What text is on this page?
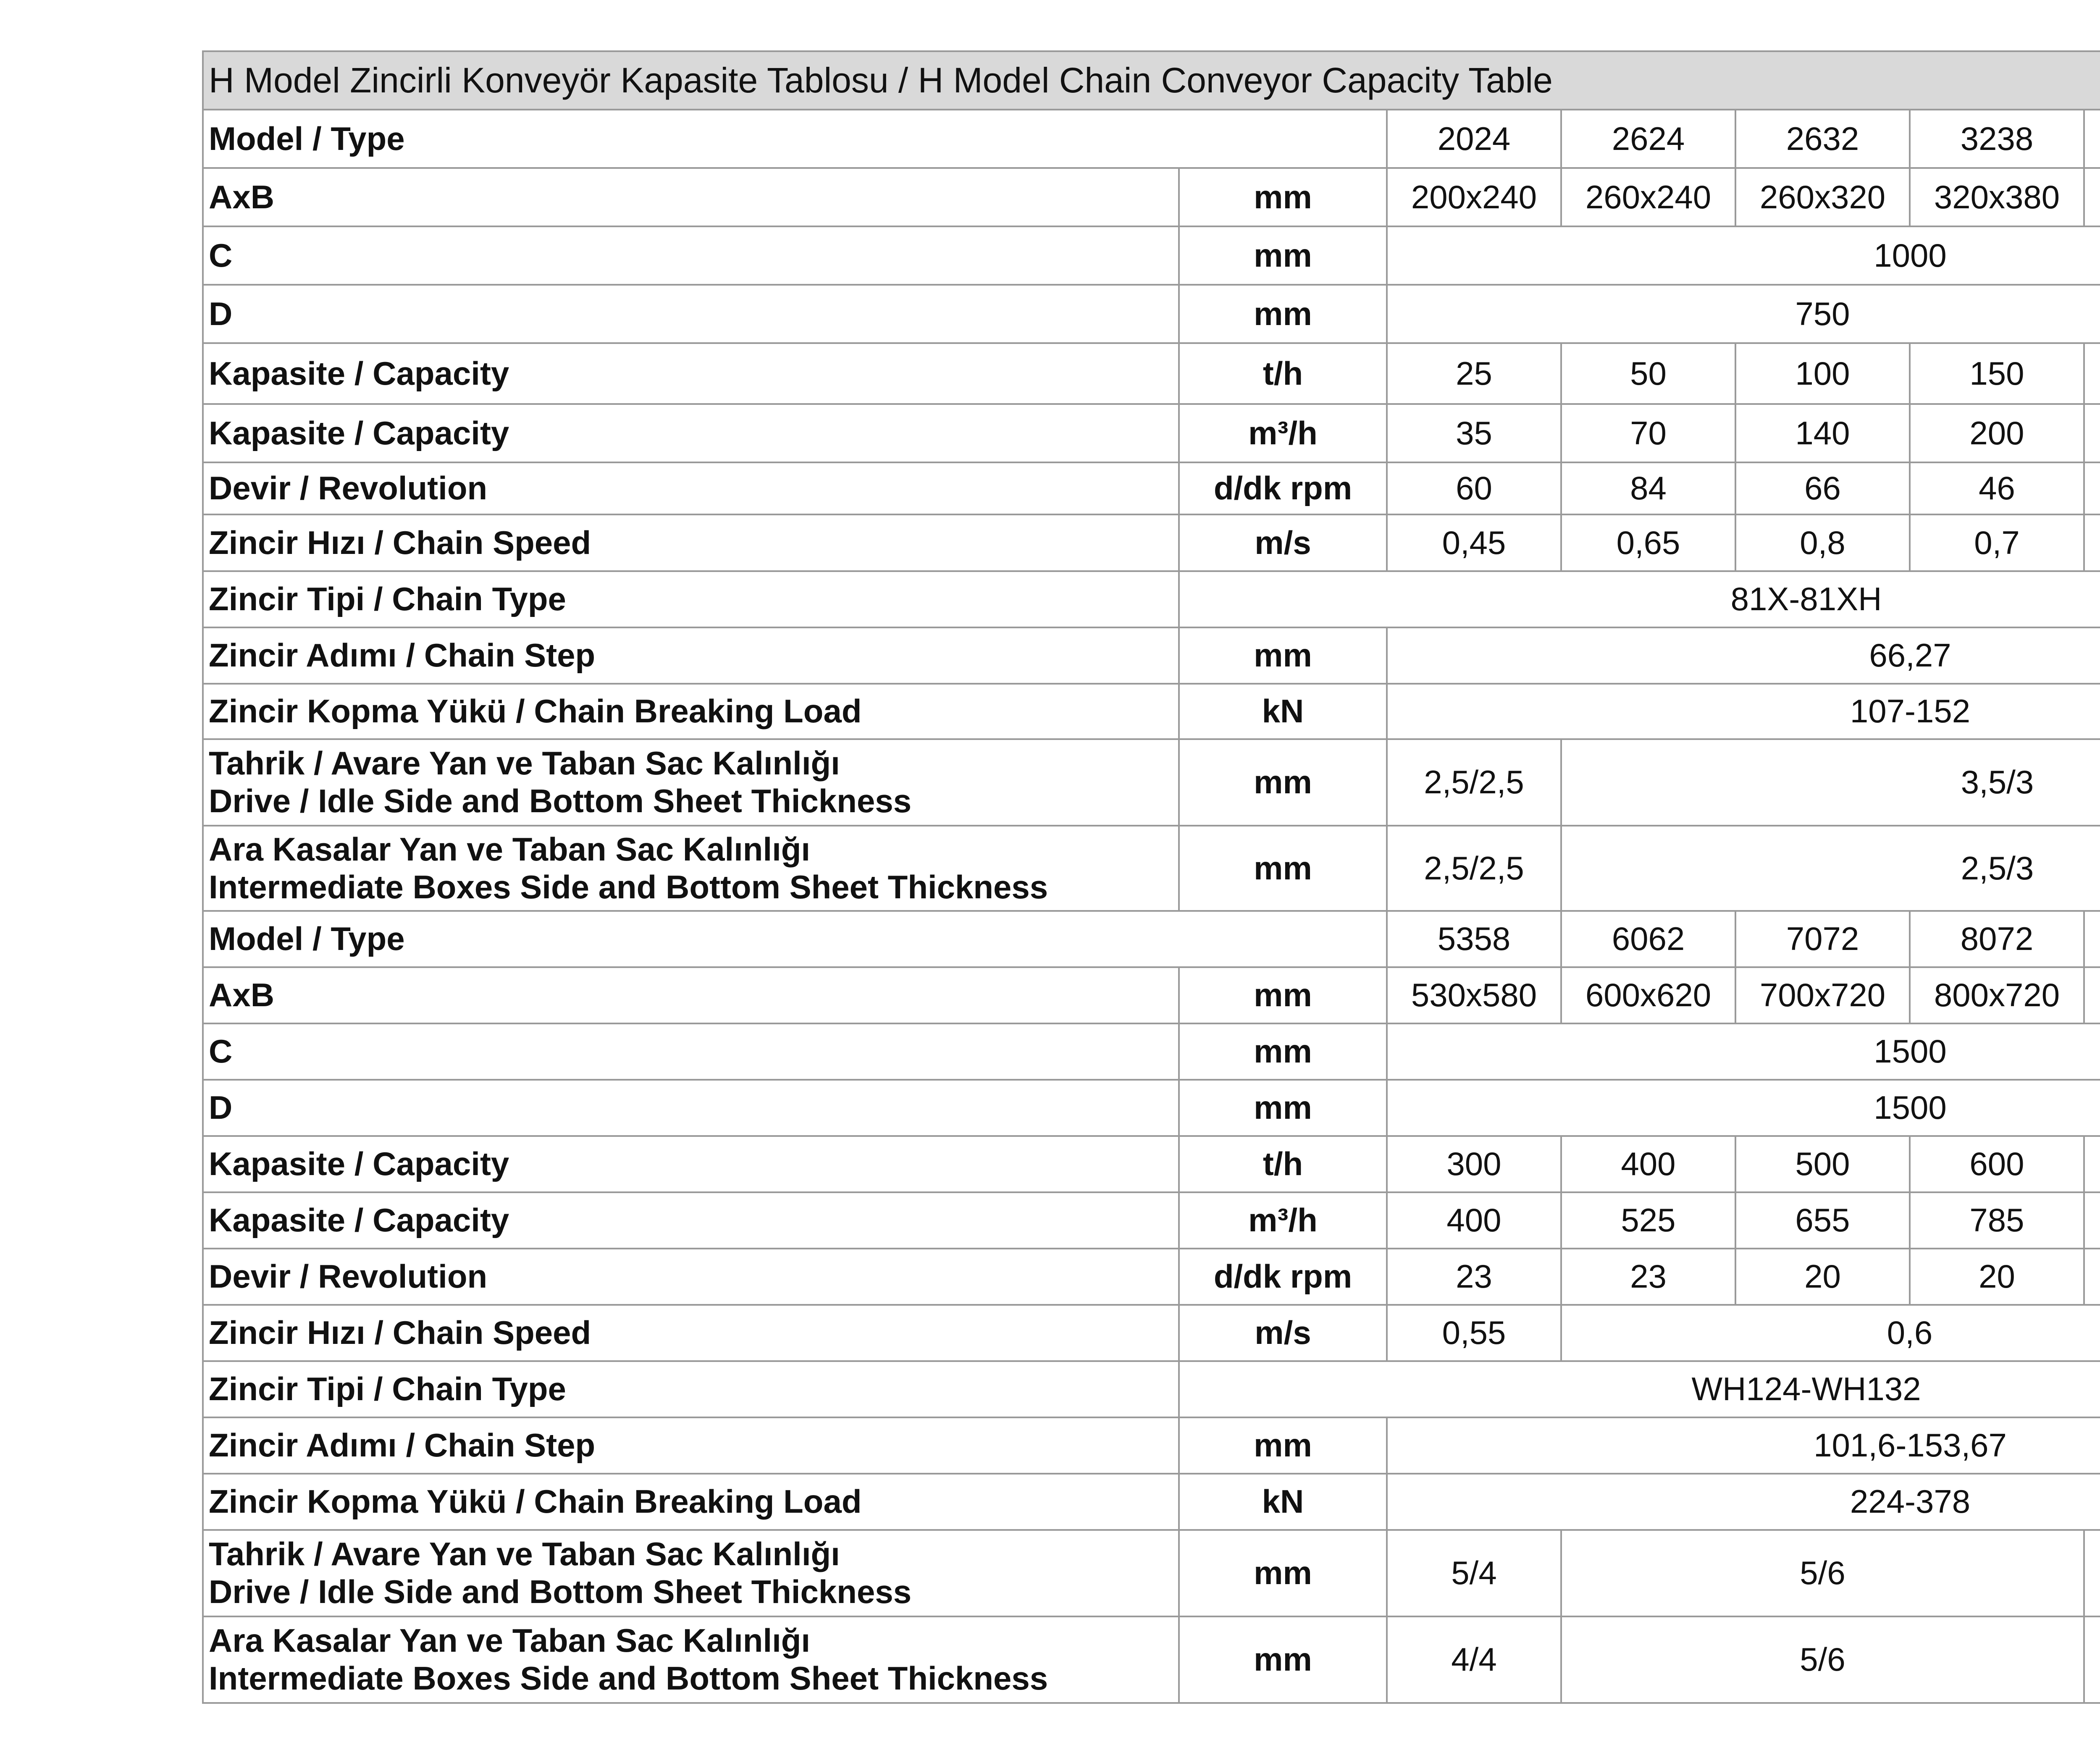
H Model Zincirli Konveyör Kapasite Tablosu / H Model Chain Conveyor Capacity Table							
Model / Type		2024	2624	2632	3238		
AxB	mm	200x240	260x240	260x320	320x380		
C	mm	1000					
D	mm	750	
Kapasite / Capacity	t/h	25	50	100	150		
Kapasite / Capacity	m³/h	35	70	140	200		
Devir / Revolution	d/dk rpm	60	84	66	46		
Zincir Hızı / Chain Speed	m/s	0,45	0,65	0,8	0,7		
Zincir Tipi / Chain Type	81X-81XH						
Zincir Adımı / Chain Step	mm	66,27					
Zincir Kopma Yükü / Chain Breaking Load	kN	107-152					

Tahrik / Avare Yan ve Taban Sac Kalınlığı
Drive / Idle Side and Bottom Sheet Thickness	mm	2,5/2,5	3,5/3				

Ara Kasalar Yan ve Taban Sac Kalınlığı
Intermediate Boxes Side and Bottom Sheet Thickness	mm	2,5/2,5	2,5/3				
Model / Type		5358	6062	7072	8072		
AxB	mm	530x580	600x620	700x720	800x720		
C	mm	1500					
D	mm	1500					
Kapasite / Capacity	t/h	300	400	500	600		
Kapasite / Capacity	m³/h	400	525	655	785		
Devir / Revolution	d/dk rpm	23	23	20	20		
Zincir Hızı / Chain Speed	m/s	0,55	0,6	
Zincir Tipi / Chain Type	WH124-WH132						
Zincir Adımı / Chain Step	mm	101,6-153,67					
Zincir Kopma Yükü / Chain Breaking Load	kN	224-378					

Tahrik / Avare Yan ve Taban Sac Kalınlığı
Drive / Idle Side and Bottom Sheet Thickness	mm	5/4	5/6	

Ara Kasalar Yan ve Taban Sac Kalınlığı
Intermediate Boxes Side and Bottom Sheet Thickness	mm	4/4	5/6	
